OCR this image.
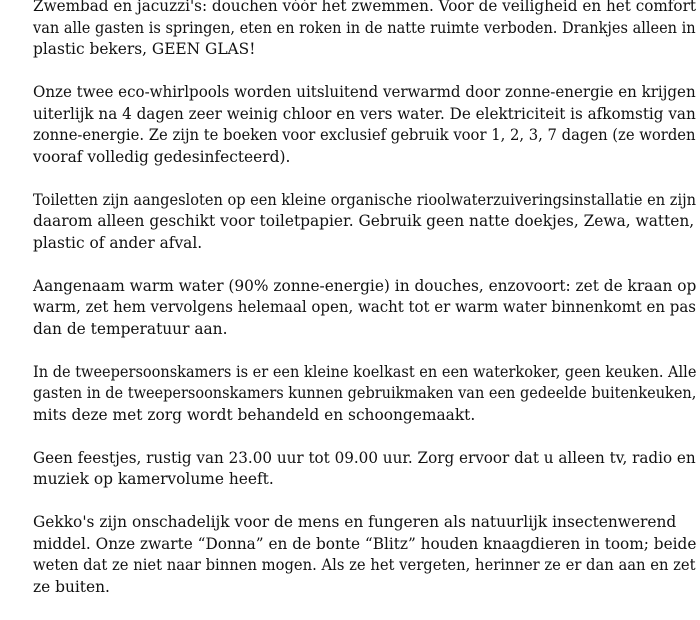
Zwembad en jacuzzi's: douchen vóór het zwemmen. Voor de veiligheid en het comfort
van alle gasten is springen, eten en roken in de natte ruimte verboden. Drankjes alleen in
plastic bekers, GEEN GLAS!

Onze twee eco-whirlpools worden uitsluitend verwarmd door zonne-energie en krijgen
uiterlijk na 4 dagen zeer weinig chloor en vers water. De elektriciteit is afkomstig van
zonne-energie. Ze zijn te boeken voor exclusief gebruik voor 1, 2, 3, 7 dagen (ze worden
vooraf volledig gedesinfecteerd).

Toiletten zijn aangesloten op een kleine organische rioolwaterzuiveringsinstallatie en zijn
daarom alleen geschikt voor toiletpapier. Gebruik geen natte doekjes, Zewa, watten,
plastic of ander afval.

Aangenaam warm water (90% zonne-energie) in douches, enzovoort: zet de kraan op
warm, zet hem vervolgens helemaal open, wacht tot er warm water binnenkomt en pas
dan de temperatuur aan.

In de tweepersoonskamers is er een kleine koelkast en een waterkoker, geen keuken. Alle
gasten in de tweepersoonskamers kunnen gebruikmaken van een gedeelde buitenkeuken,
mits deze met zorg wordt behandeld en schoongemaakt.

Geen feestjes, rustig van 23.00 uur tot 09.00 uur. Zorg ervoor dat u alleen tv, radio en
muziek op kamervolume heeft.

Gekko's zijn onschadelijk voor de mens en fungeren als natuurlijk insectenwerend
middel. Onze zwarte “Donna” en de bonte “Blitz” houden knaagdieren in toom; beide
weten dat ze niet naar binnen mogen. Als ze het vergeten, herinner ze er dan aan en zet
ze buiten.
